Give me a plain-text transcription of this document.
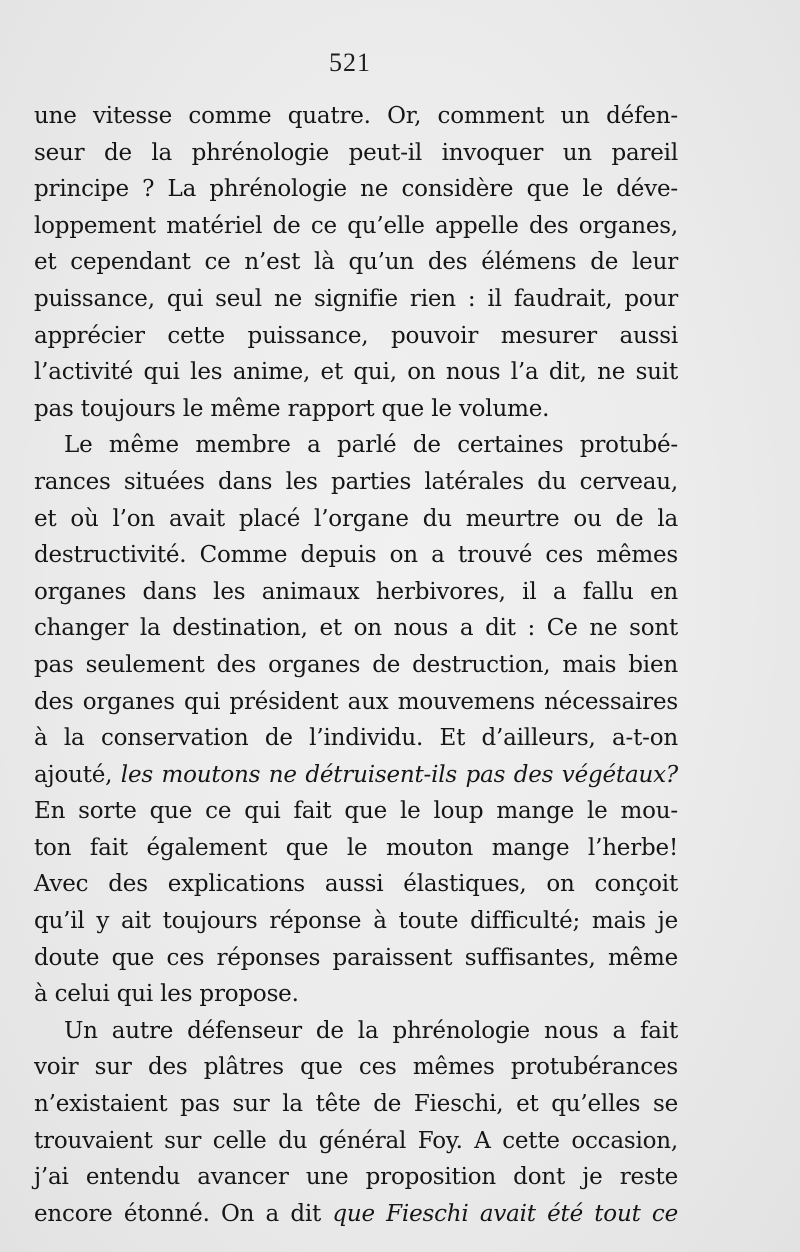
521
une vitesse comme quatre. Or, comment un défen-
seur de la phrénologie peut-il invoquer un pareil
principe ? La phrénologie ne considère que le déve-
loppement matériel de ce qu’elle appelle des organes,
et cependant ce n’est là qu’un des élémens de leur
puissance, qui seul ne signifie rien : il faudrait, pour
apprécier cette puissance, pouvoir mesurer aussi
l’activité qui les anime, et qui, on nous l’a dit, ne suit
pas toujours le même rapport que le volume.
Le même membre a parlé de certaines protubé-
rances situées dans les parties latérales du cerveau,
et où l’on avait placé l’organe du meurtre ou de la
destructivité. Comme depuis on a trouvé ces mêmes
organes dans les animaux herbivores, il a fallu en
changer la destination, et on nous a dit : Ce ne sont
pas seulement des organes de destruction, mais bien
des organes qui président aux mouvemens nécessaires
à la conservation de l’individu. Et d’ailleurs, a-t-on
ajouté, les moutons ne détruisent-ils pas des végétaux?
En sorte que ce qui fait que le loup mange le mou-
ton fait également que le mouton mange l’herbe!
Avec des explications aussi élastiques, on conçoit
qu’il y ait toujours réponse à toute difficulté; mais je
doute que ces réponses paraissent suffisantes, même
à celui qui les propose.
Un autre défenseur de la phrénologie nous a fait
voir sur des plâtres que ces mêmes protubérances
n’existaient pas sur la tête de Fieschi, et qu’elles se
trouvaient sur celle du général Foy. A cette occasion,
j’ai entendu avancer une proposition dont je reste
encore étonné. On a dit que Fieschi avait été tout ce
